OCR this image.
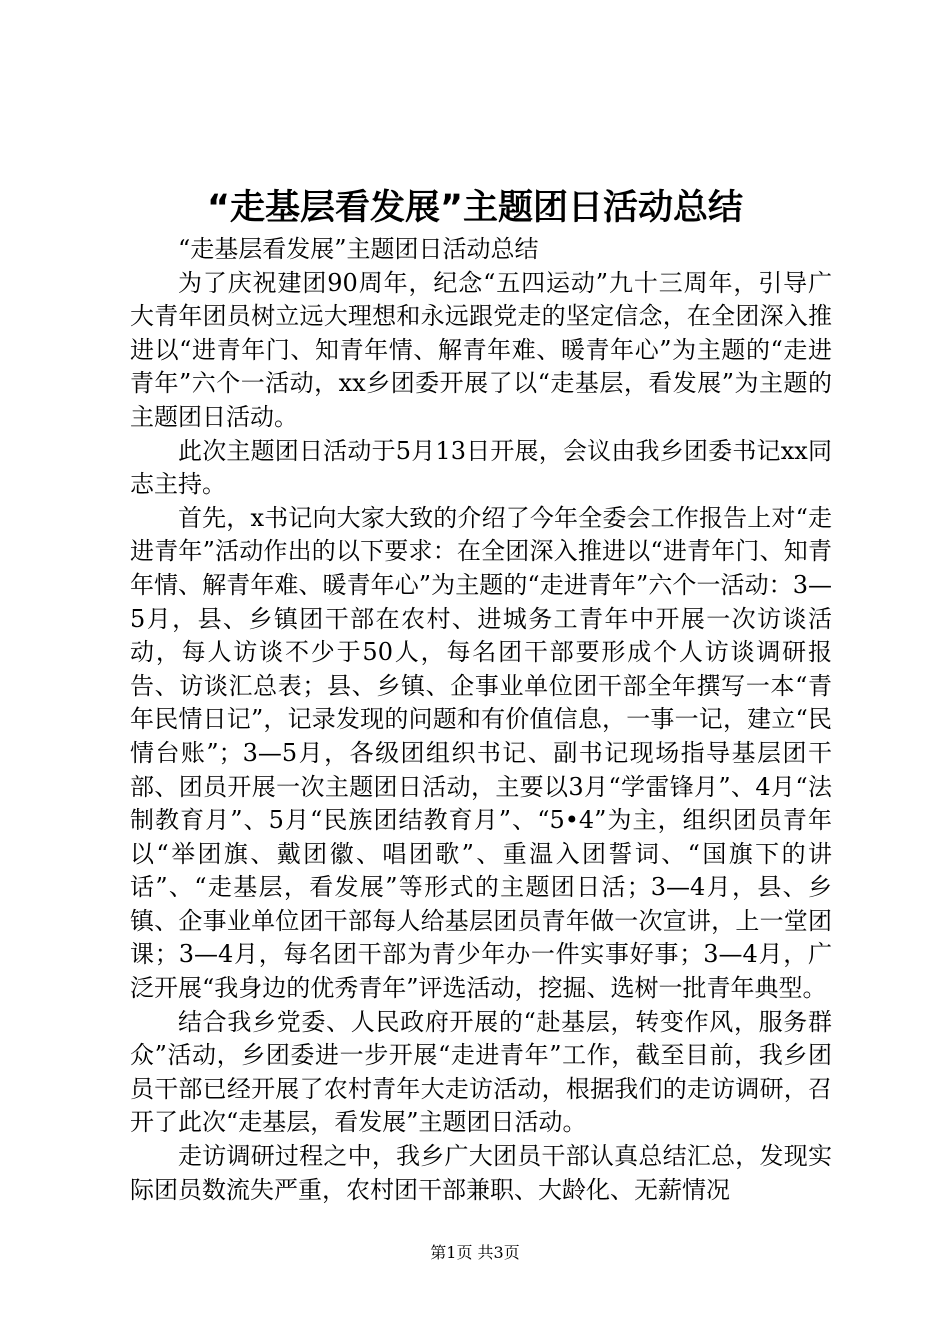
“走基层看发展”主题团日活动总结

“走基层看发展”主题团日活动总结

为了庆祝建团90周年，纪念“五四运动”九十三周年，引导广大青年团员树立远大理想和永远跟党走的坚定信念，在全团深入推进以“进青年门、知青年情、解青年难、暖青年心”为主题的“走进青年”六个一活动，xx乡团委开展了以“走基层，看发展”为主题的主题团日活动。

此次主题团日活动于5月13日开展，会议由我乡团委书记xx同志主持。

首先，x书记向大家大致的介绍了今年全委会工作报告上对“走进青年”活动作出的以下要求：在全团深入推进以“进青年门、知青年情、解青年难、暖青年心”为主题的“走进青年”六个一活动：3—5月，县、乡镇团干部在农村、进城务工青年中开展一次访谈活动，每人访谈不少于50人，每名团干部要形成个人访谈调研报告、访谈汇总表；县、乡镇、企事业单位团干部全年撰写一本“青年民情日记”，记录发现的问题和有价值信息，一事一记，建立“民情台账”；3—5月，各级团组织书记、副书记现场指导基层团干部、团员开展一次主题团日活动，主要以3月“学雷锋月”、4月“法制教育月”、5月“民族团结教育月”、“5•4”为主，组织团员青年以“举团旗、戴团徽、唱团歌”、重温入团誓词、“国旗下的讲话”、“走基层，看发展”等形式的主题团日活；3—4月，县、乡镇、企事业单位团干部每人给基层团员青年做一次宣讲，上一堂团课；3—4月，每名团干部为青少年办一件实事好事；3—4月，广泛开展“我身边的优秀青年”评选活动，挖掘、选树一批青年典型。

结合我乡党委、人民政府开展的“赴基层，转变作风，服务群众”活动，乡团委进一步开展“走进青年”工作，截至目前，我乡团员干部已经开展了农村青年大走访活动，根据我们的走访调研，召开了此次“走基层，看发展”主题团日活动。

走访调研过程之中，我乡广大团员干部认真总结汇总，发现实际团员数流失严重，农村团干部兼职、大龄化、无薪情况

第1页 共3页
